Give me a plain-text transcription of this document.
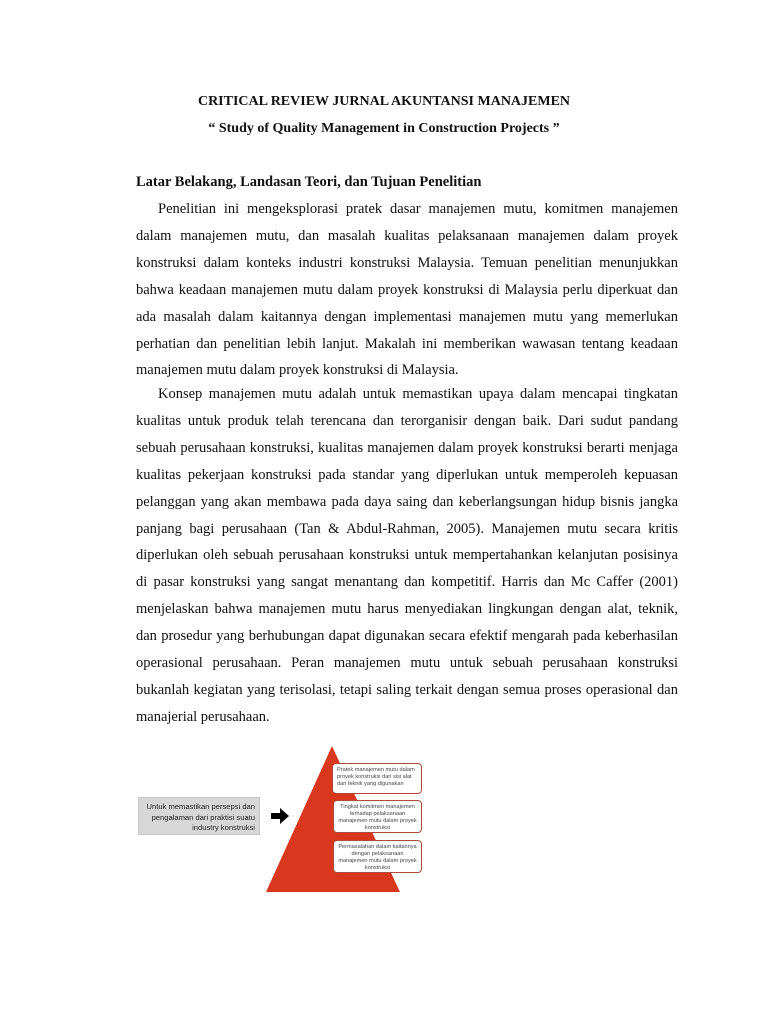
CRITICAL REVIEW JURNAL AKUNTANSI MANAJEMEN
“ Study of Quality Management in Construction Projects ”
Latar Belakang, Landasan Teori, dan Tujuan Penelitian

Penelitian ini mengeksplorasi pratek dasar manajemen mutu, komitmen manajemen dalam manajemen mutu, dan masalah kualitas pelaksanaan manajemen dalam proyek konstruksi dalam konteks industri konstruksi Malaysia. Temuan penelitian menunjukkan bahwa keadaan manajemen mutu dalam proyek konstruksi di Malaysia perlu diperkuat dan ada masalah dalam kaitannya dengan implementasi manajemen mutu yang memerlukan perhatian dan penelitian lebih lanjut. Makalah ini memberikan wawasan tentang keadaan manajemen mutu dalam proyek konstruksi di Malaysia.

Konsep manajemen mutu adalah untuk memastikan upaya dalam mencapai tingkatan kualitas untuk produk telah terencana dan terorganisir dengan baik. Dari sudut pandang sebuah perusahaan konstruksi, kualitas manajemen dalam proyek konstruksi berarti menjaga kualitas pekerjaan konstruksi pada standar yang diperlukan untuk memperoleh kepuasan pelanggan yang akan membawa pada daya saing dan keberlangsungan hidup bisnis jangka panjang bagi perusahaan (Tan & Abdul-Rahman, 2005). Manajemen mutu secara kritis diperlukan oleh sebuah perusahaan konstruksi untuk mempertahankan kelanjutan posisinya di pasar konstruksi yang sangat menantang dan kompetitif. Harris dan Mc Caffer (2001) menjelaskan bahwa manajemen mutu harus menyediakan lingkungan dengan alat, teknik, dan prosedur yang berhubungan dapat digunakan secara efektif mengarah pada keberhasilan operasional perusahaan. Peran manajemen mutu untuk sebuah perusahaan konstruksi bukanlah kegiatan yang terisolasi, tetapi saling terkait dengan semua proses operasional dan manajerial perusahaan.

Untuk memastikan persepsi dan pengalaman dari praktisi suatu industry konstruksi
Pratek manajemen mutu dalam proyek konstruksi dari sisi alat dan teknik yang digunakan
Tingkat komitmen manajemen terhadap pelaksanaan manajemen mutu dalam proyek konstruksi
Permasalahan dalam kaitannya dengan pelaksanaan manajemen mutu dalam proyek konstruksi
